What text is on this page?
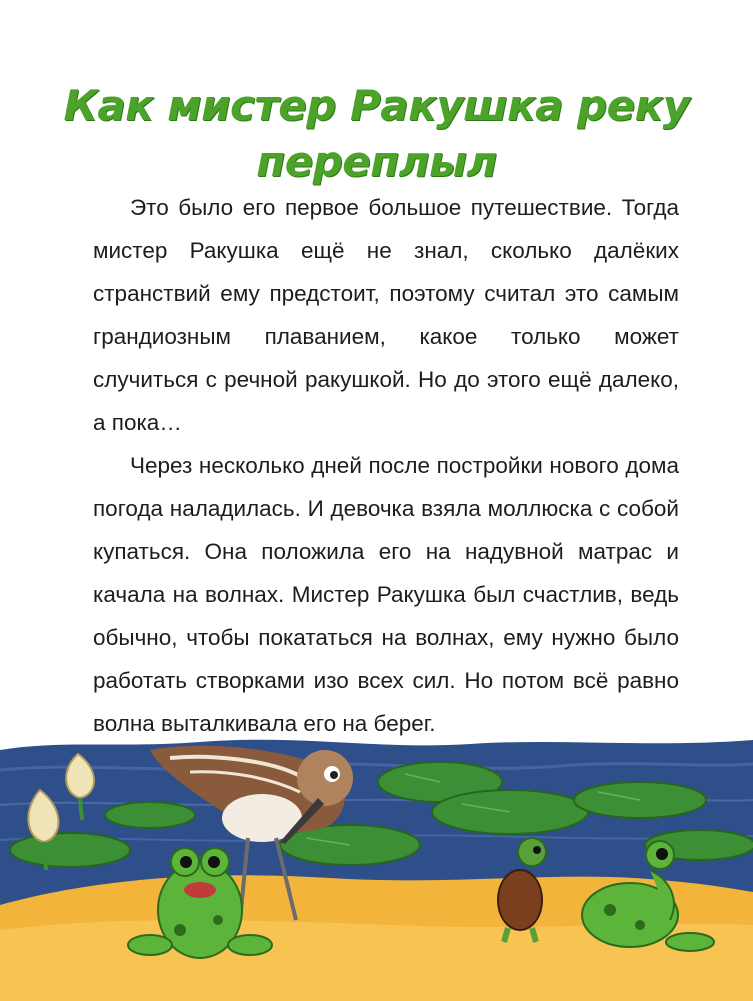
Как мистер Ракушка реку
переплыл

Это было его первое большое путешествие. Тогда мистер Ракушка ещё не знал, сколько далёких странствий ему предстоит, поэтому считал это самым грандиозным плаванием, какое только может случиться с речной ракушкой. Но до этого ещё далеко, а пока…

Через несколько дней после постройки нового дома погода наладилась. И девочка взяла моллюска с собой купаться. Она положила его на надувной матрас и качала на волнах. Мистер Ракушка был счастлив, ведь обычно, чтобы покататься на волнах, ему нужно было работать створками изо всех сил. Но потом всё равно волна выталкивала его на берег.
